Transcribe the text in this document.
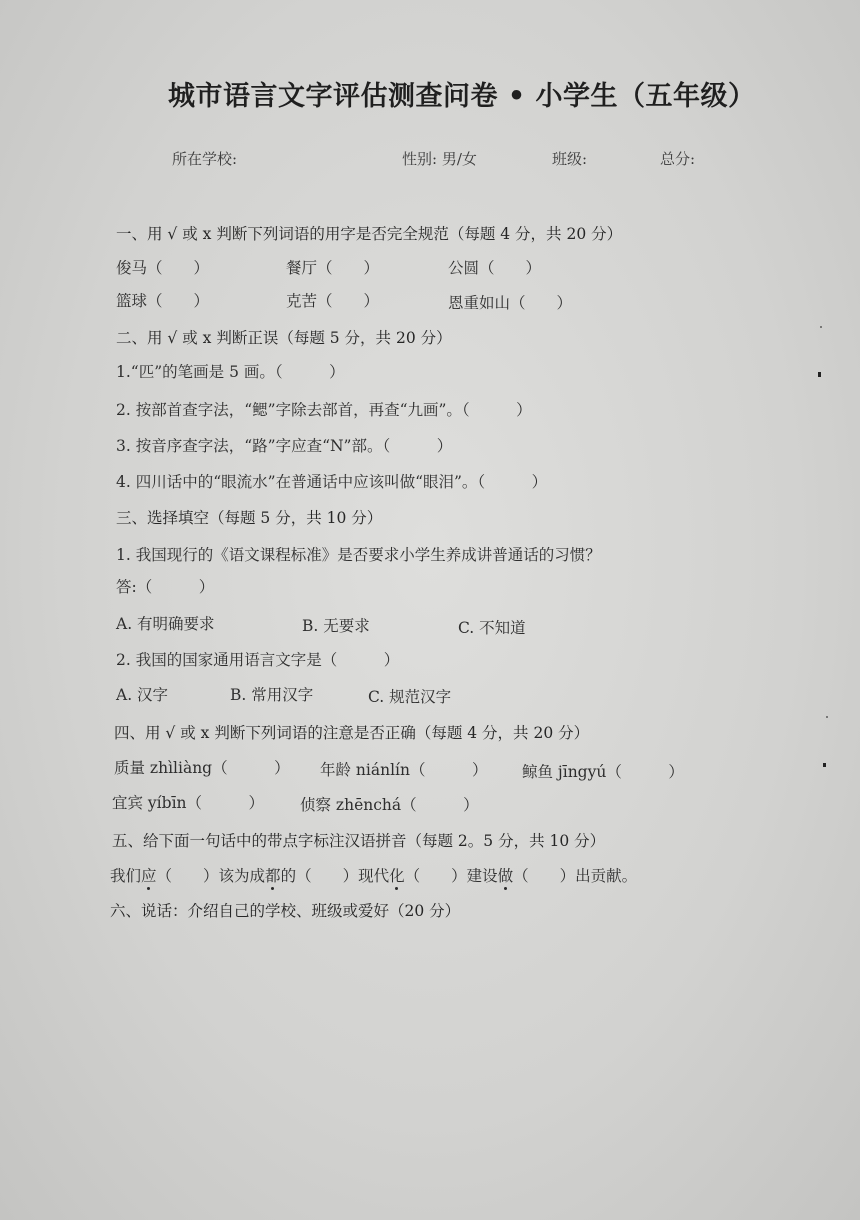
城市语言文字评估测查问卷 • 小学生（五年级）
所在学校:	性别: 男/女	班级:	总分:
一、用 √ 或 x 判断下列词语的用字是否完全规范（每题 4 分，共 20 分）
俊马（　　）	餐厅（　　）	公圆（　　）
篮球（　　）	克苦（　　）	恩重如山（　　）
二、用 √ 或 x 判断正误（每题 5 分，共 20 分）
1.“匹”的笔画是 5 画。（　　　）
2. 按部首查字法，“鳃”字除去部首，再查“九画”。（　　　）
3. 按音序查字法，“路”字应查“N”部。（　　　）
4. 四川话中的“眼流水”在普通话中应该叫做“眼泪”。（　　　）
三、选择填空（每题 5 分，共 10 分）
1. 我国现行的《语文课程标准》是否要求小学生养成讲普通话的习惯？
答:（　　　）
A. 有明确要求	B. 无要求	C. 不知道
2. 我国的国家通用语言文字是（　　　）
A. 汉字	B. 常用汉字	C. 规范汉字
四、用 √ 或 x 判断下列词语的注意是否正确（每题 4 分，共 20 分）
质量 zhìliàng（　　　） 年龄 niánlín（　　　） 鲸鱼 jīngyú（　　　）
宜宾 yíbīn（　　　） 侦察 zhēnchá（　　　）
五、给下面一句话中的带点字标注汉语拼音（每题 2。5 分，共 10 分）
我们应（　　）该为成都的（　　）现代化（　　）建设做（　　）出贡献。
六、说话：介绍自己的学校、班级或爱好（20 分）
